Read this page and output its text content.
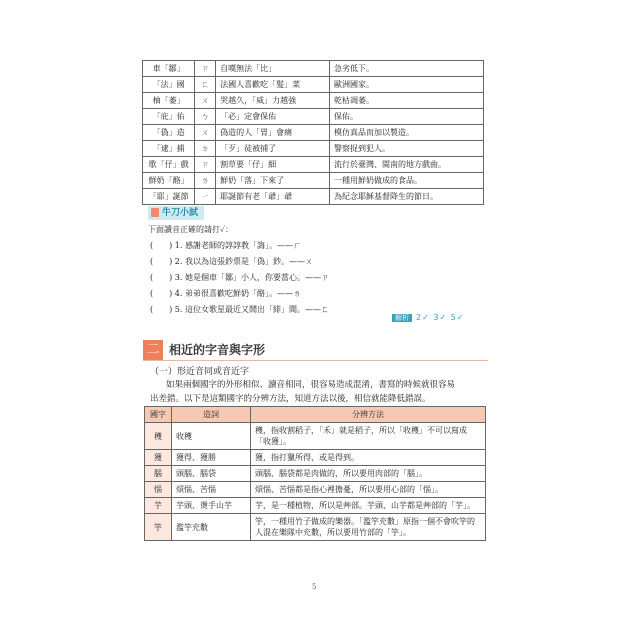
車「鄒」	ㄗ	自嘆無法「比」	急劣低下。
「法」國	ㄈ	法國人喜歡吃「髮」菜	歐洲國家。
柚「萎」	ㄨ	哭越久，「威」力越強	乾枯凋萎。
「庇」佑	ㄅ	「必」定會保佑	保佑。
「偽」造	ㄨ	偽造的人「胃」會痛	模仿真品而加以製造。
「逮」捕	ㄉ	「歹」徒被捕了	警察捉到犯人。
歌「仔」戲	ㄗ	割草要「仔」細	流行於臺灣、閩南的地方戲曲。
鮮奶「酪」	ㄌ	鮮奶「落」下來了	一種用鮮奶做成的食品。
「耶」誕節	ㄧ	耶誕節有老「爺」爺	為紀念耶穌基督降生的節日。
牛刀小試
下面讀音正確的請打✓：
(　　) 1. 感謝老師的諄諄教「誨」。——ㄏ
(　　) 2. 我以為這張鈔票是「偽」鈔。——ㄨ
(　　) 3. 她是個車「鄒」小人，你要當心。——ㄗ
(　　) 4. 弟弟很喜歡吃鮮奶「酪」。——ㄌ
(　　) 5. 這位女歌星最近又鬧出「緋」聞。——ㄈ
解析 2✓ 3✓ 5✓
二 相近的字音與字形
（一）形近音同或音近字
如果兩個國字的外形相似、讀音相同，很容易造成混淆，書寫的時候就很容易
出差錯。以下是這類國字的分辨方法，知道方法以後，相信就能降低錯誤。
國字	造詞	分辨方法
穫	收穫	穫，指收割稻子，「禾」就是稻子，所以「收穫」不可以寫成「收獲」。
獲	獲得、獲勝	獲，指打獵所得，或是得到。
腦	頭腦、腦袋	頭腦、腦袋都是肉做的，所以要用肉部的「腦」。
惱	煩惱、苦惱	煩惱、苦惱都是指心裡擔憂，所以要用心部的「惱」。
芋	芋頭、燙手山芋	芋，是一種植物，所以是艸部。芋頭、山芋都是艸部的「芋」。
竽	濫竽充數	竽，一種用竹子做成的樂器。「濫竽充數」原指一個不會吹竽的人混在樂隊中充數，所以要用竹部的「竽」。
5
